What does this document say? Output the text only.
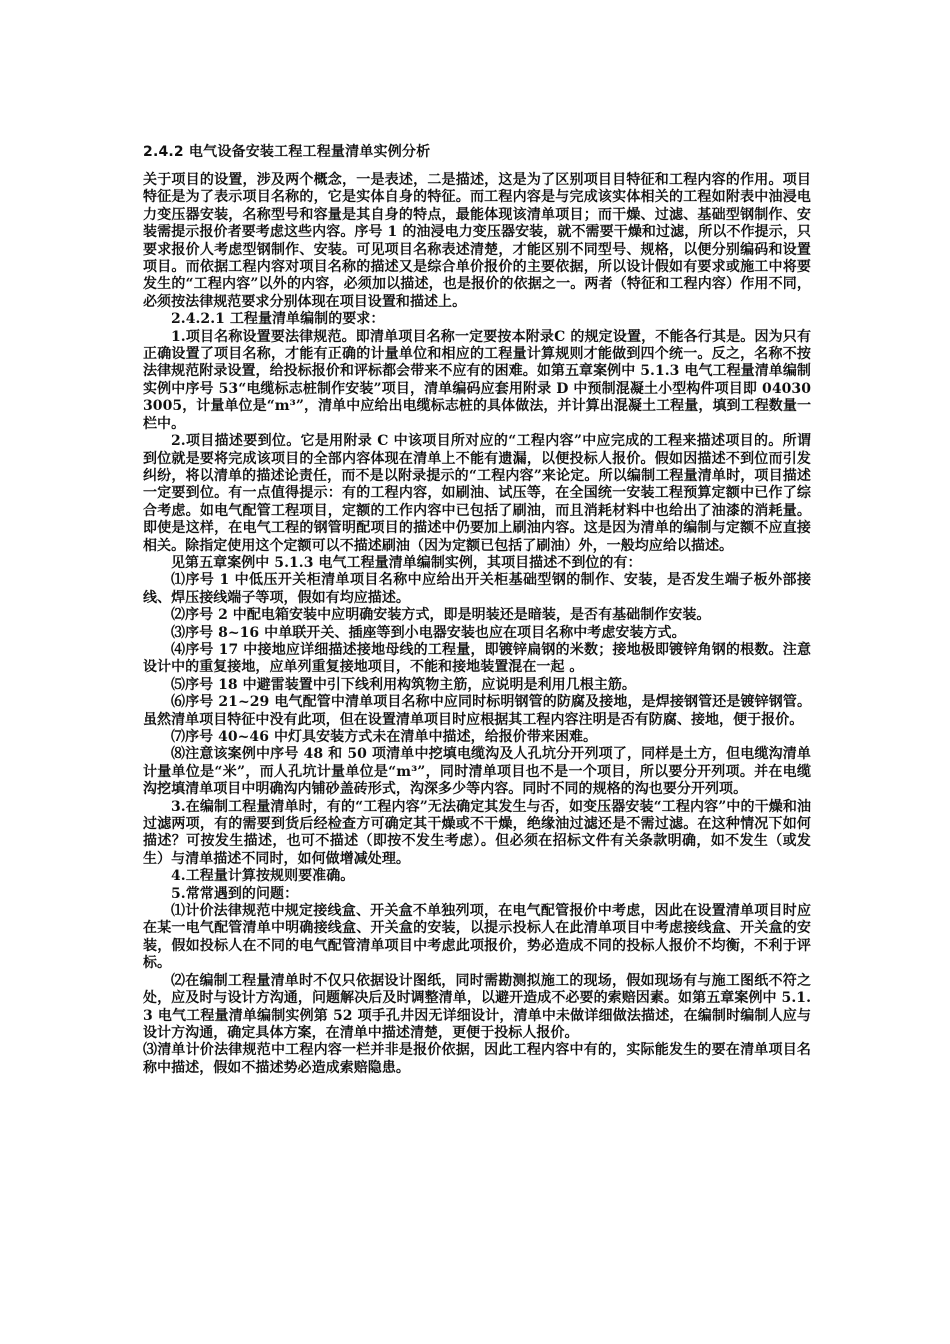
2.4.2 电气设备安装工程工程量清单实例分析

关于项目的设置，涉及两个概念，一是表述，二是描述，这是为了区别项目目特征和工程内容的作用。项目特征是为了表示项目名称的，它是实体自身的特征。而工程内容是与完成该实体相关的工程如附表中油浸电力变压器安装，名称型号和容量是其自身的特点，最能体现该清单项目；而干燥、过滤、基础型钢制作、安装需提示报价者要考虑这些内容。序号 1 的油浸电力变压器安装，就不需要干燥和过滤，所以不作提示，只要求报价人考虑型钢制作、安装。可见项目名称表述清楚，才能区别不同型号、规格，以便分别编码和设置项目。而依据工程内容对项目名称的描述又是综合单价报价的主要依据，所以设计假如有要求或施工中将要发生的“工程内容”以外的内容，必须加以描述，也是报价的依据之一。两者（特征和工程内容）作用不同，必须按法律规范要求分别体现在项目设置和描述上。

2.4.2.1 工程量清单编制的要求：

1.项目名称设置要法律规范。即清单项目名称一定要按本附录C 的规定设置，不能各行其是。因为只有正确设置了项目名称，才能有正确的计量单位和相应的工程量计算规则才能做到四个统一。反之，名称不按法律规范附录设置，给投标报价和评标都会带来不应有的困难。如第五章案例中 5.1.3 电气工程量清单编制实例中序号 53“电缆标志桩制作安装”项目，清单编码应套用附录 D 中预制混凝土小型构件项目即 040303005，计量单位是“m³”，清单中应给出电缆标志桩的具体做法，并计算出混凝土工程量，填到工程数量一栏中。

2.项目描述要到位。它是用附录 C 中该项目所对应的“工程内容”中应完成的工程来描述项目的。所谓到位就是要将完成该项目的全部内容体现在清单上不能有遗漏，以便投标人报价。假如因描述不到位而引发纠纷，将以清单的描述论责任，而不是以附录提示的“工程内容”来论定。所以编制工程量清单时，项目描述一定要到位。有一点值得提示：有的工程内容，如刷油、试压等，在全国统一安装工程预算定额中已作了综合考虑。如电气配管工程项目，定额的工作内容中已包括了刷油，而且消耗材料中也给出了油漆的消耗量。即使是这样，在电气工程的钢管明配项目的描述中仍要加上刷油内容。这是因为清单的编制与定额不应直接相关。除指定使用这个定额可以不描述刷油（因为定额已包括了刷油）外，一般均应给以描述。

见第五章案例中 5.1.3 电气工程量清单编制实例，其项目描述不到位的有：

⑴序号 1 中低压开关柜清单项目名称中应给出开关柜基础型钢的制作、安装，是否发生端子板外部接线、焊压接线端子等项，假如有均应描述。

⑵序号 2 中配电箱安装中应明确安装方式，即是明装还是暗装，是否有基础制作安装。

⑶序号 8~16 中单联开关、插座等到小电器安装也应在项目名称中考虑安装方式。

⑷序号 17 中接地应详细描述接地母线的工程量，即镀锌扁钢的米数；接地极即镀锌角钢的根数。注意设计中的重复接地，应单列重复接地项目，不能和接地装置混在一起 。

⑸序号 18 中避雷装置中引下线利用构筑物主筋，应说明是利用几根主筋。

⑹序号 21~29 电气配管中清单项目名称中应同时标明钢管的防腐及接地，是焊接钢管还是镀锌钢管。虽然清单项目特征中没有此项，但在设置清单项目时应根据其工程内容注明是否有防腐、接地，便于报价。

⑺序号 40~46 中灯具安装方式未在清单中描述，给报价带来困难。

⑻注意该案例中序号 48 和 50 项清单中挖填电缆沟及人孔坑分开列项了，同样是土方，但电缆沟清单计量单位是“米”，而人孔坑计量单位是“m³”，同时清单项目也不是一个项目，所以要分开列项。并在电缆沟挖填清单项目中明确沟内铺砂盖砖形式，沟深多少等内容。同时不同的规格的沟也要分开列项。

3.在编制工程量清单时，有的“工程内容”无法确定其发生与否，如变压器安装“工程内容”中的干燥和油过滤两项，有的需要到货后经检查方可确定其干燥或不干燥，绝缘油过滤还是不需过滤。在这种情况下如何描述？可按发生描述，也可不描述（即按不发生考虑）。但必须在招标文件有关条款明确，如不发生（或发生）与清单描述不同时，如何做增减处理。

4.工程量计算按规则要准确。

5.常常遇到的问题：

⑴计价法律规范中规定接线盒、开关盒不单独列项，在电气配管报价中考虑，因此在设置清单项目时应在某一电气配管清单中明确接线盒、开关盒的安装，以提示投标人在此清单项目中考虑接线盒、开关盒的安装，假如投标人在不同的电气配管清单项目中考虑此项报价，势必造成不同的投标人报价不均衡，不利于评标。

⑵在编制工程量清单时不仅只依据设计图纸，同时需勘测拟施工的现场，假如现场有与施工图纸不符之处，应及时与设计方沟通，问题解决后及时调整清单，以避开造成不必要的索赔因素。如第五章案例中 5.1.3 电气工程量清单编制实例第 52 项手孔井因无详细设计，清单中未做详细做法描述，在编制时编制人应与设计方沟通，确定具体方案，在清单中描述清楚，更便于投标人报价。

⑶清单计价法律规范中工程内容一栏并非是报价依据，因此工程内容中有的，实际能发生的要在清单项目名称中描述，假如不描述势必造成索赔隐患。
